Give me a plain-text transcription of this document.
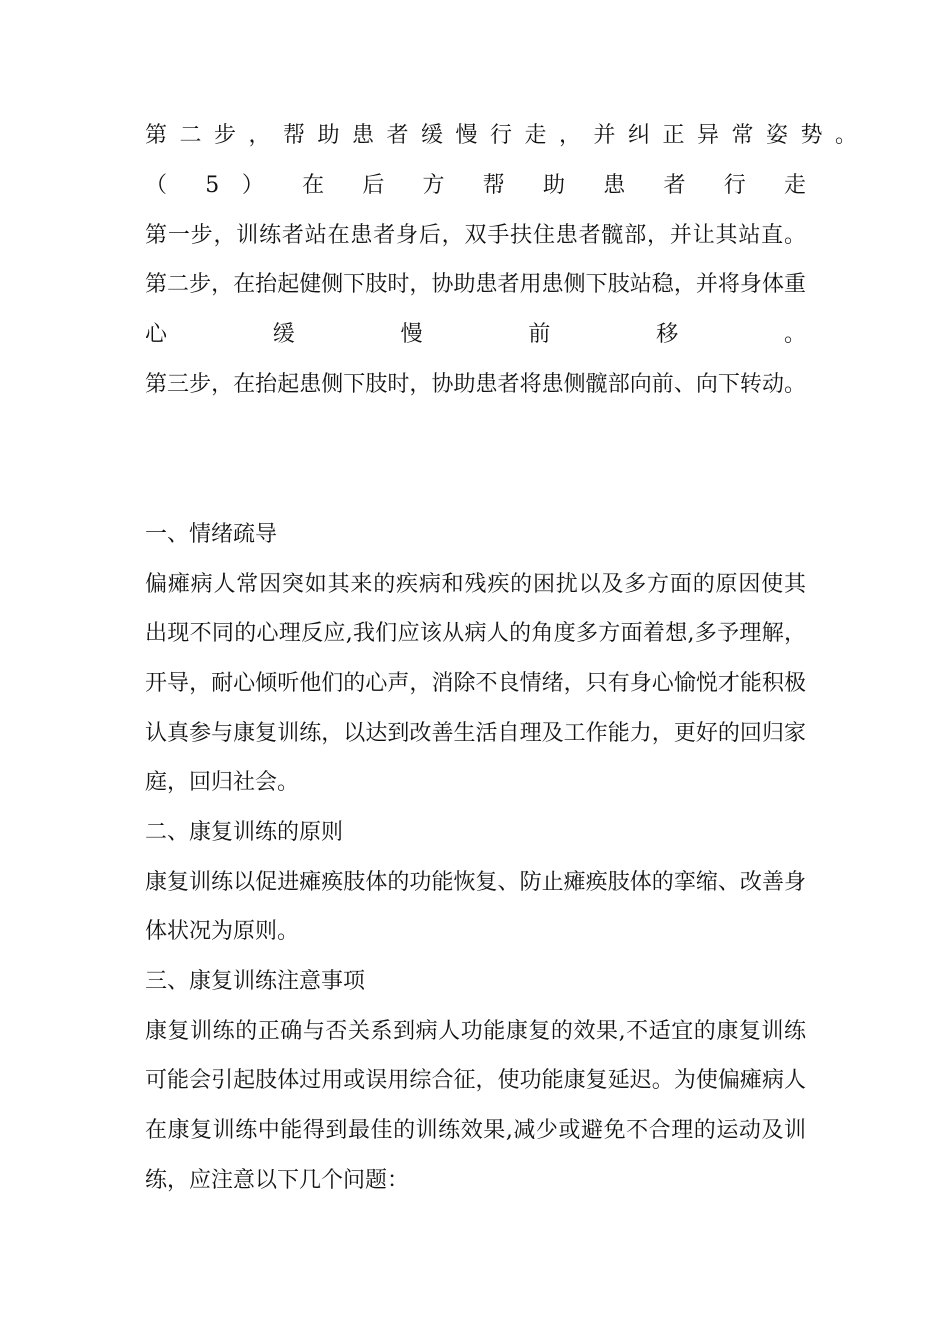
第二步，帮助患者缓慢行走，并纠正异常姿势。
（ 5 ） 在 后 方 帮 助 患 者 行 走
第一步，训练者站在患者身后，双手扶住患者髋部，并让其站直。
第二步，在抬起健侧下肢时，协助患者用患侧下肢站稳，并将身体重
心 缓 慢 前 移 。
第三步，在抬起患侧下肢时，协助患者将患侧髋部向前、向下转动。
一、情绪疏导
偏瘫病人常因突如其来的疾病和残疾的困扰以及多方面的原因使其
出现不同的心理反应,我们应该从病人的角度多方面着想,多予理解，
开导，耐心倾听他们的心声，消除不良情绪，只有身心愉悦才能积极
认真参与康复训练，以达到改善生活自理及工作能力，更好的回归家
庭，回归社会。
二、康复训练的原则
康复训练以促进瘫痪肢体的功能恢复、防止瘫痪肢体的挛缩、改善身
体状况为原则。
三、康复训练注意事项
康复训练的正确与否关系到病人功能康复的效果,不适宜的康复训练
可能会引起肢体过用或误用综合征，使功能康复延迟。为使偏瘫病人
在康复训练中能得到最佳的训练效果,减少或避免不合理的运动及训
练，应注意以下几个问题：
